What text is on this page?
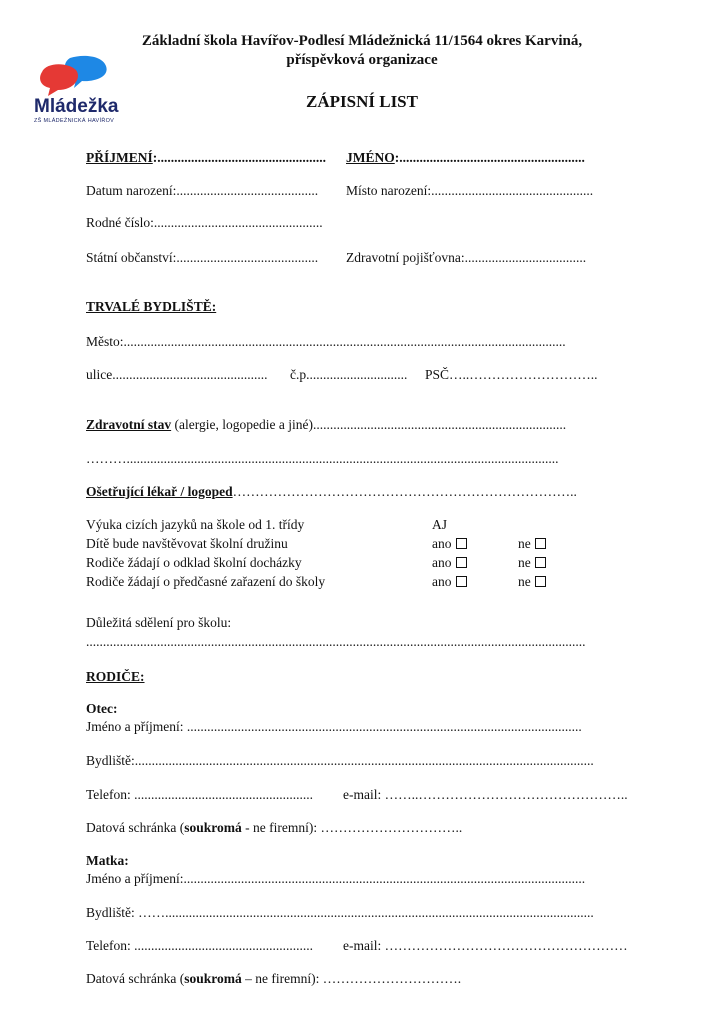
Základní škola Havířov-Podlesí Mládežnická 11/1564 okres Karviná,
příspěvková organizace
ZÁPISNÍ LIST
Mládežka
ZŠ MLÁDEŽNICKÁ HAVÍŘOV
PŘÍJMENÍ:.................................................. JMÉNO:.......................................................
Datum narození:.......................................... Místo narození:................................................
Rodné číslo:..................................................
Státní občanství:.......................................... Zdravotní pojišťovna:....................................
TRVALÉ BYDLIŠTĚ:
Město:...................................................................................................................................
ulice.............................................. č.p.............................. PSČ…..………………………..
Zdravotní stav (alergie, logopedie a jiné)...........................................................................
………................................................................................................................................
Ošetřující lékař / logoped…………………………………………………………………..
Výuka cizích jazyků na škole od 1. třídy	AJ
Dítě bude navštěvovat školní družinu	ano	ne
Rodiče žádají o odklad školní docházky	ano	ne
Rodiče žádají o předčasné zařazení do školy	ano	ne
Důležitá sdělení pro školu:
....................................................................................................................................................
RODIČE:
Otec:
Jméno a příjmení: .....................................................................................................................
Bydliště:........................................................................................................................................
Telefon: ..................................................... e-mail: ……..………………………………………..
Datová schránka (soukromá - ne firemní): …………………………..
Matka:
Jméno a příjmení:.......................................................................................................................
Bydliště: ……...............................................................................................................................
Telefon: ..................................................... e-mail: ………………………………………………
Datová schránka (soukromá – ne firemní): ………………………….
